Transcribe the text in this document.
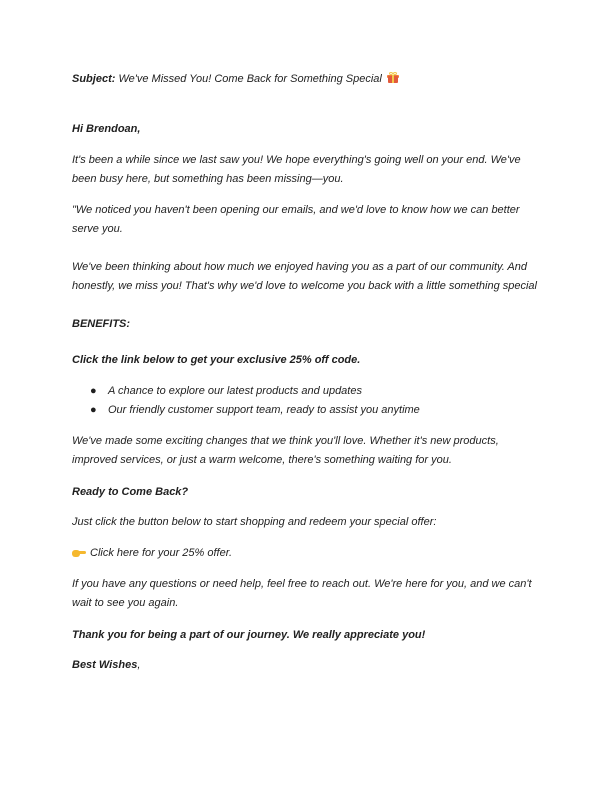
Subject: We've Missed You! Come Back for Something Special
Hi Brendoan,
It's been a while since we last saw you! We hope everything's going well on your end. We've
been busy here, but something has been missing—you.
"We noticed you haven't been opening our emails, and we'd love to know how we can better
serve you.
We've been thinking about how much we enjoyed having you as a part of our community. And
honestly, we miss you! That's why we'd love to welcome you back with a little something special
BENEFITS:
Click the link below to get your exclusive 25% off code.
● A chance to explore our latest products and updates
● Our friendly customer support team, ready to assist you anytime
We've made some exciting changes that we think you'll love. Whether it's new products,
improved services, or just a warm welcome, there's something waiting for you.
Ready to Come Back?
Just click the button below to start shopping and redeem your special offer:
Click here for your 25% offer.
If you have any questions or need help, feel free to reach out. We're here for you, and we can't
wait to see you again.
Thank you for being a part of our journey. We really appreciate you!
Best Wishes,
